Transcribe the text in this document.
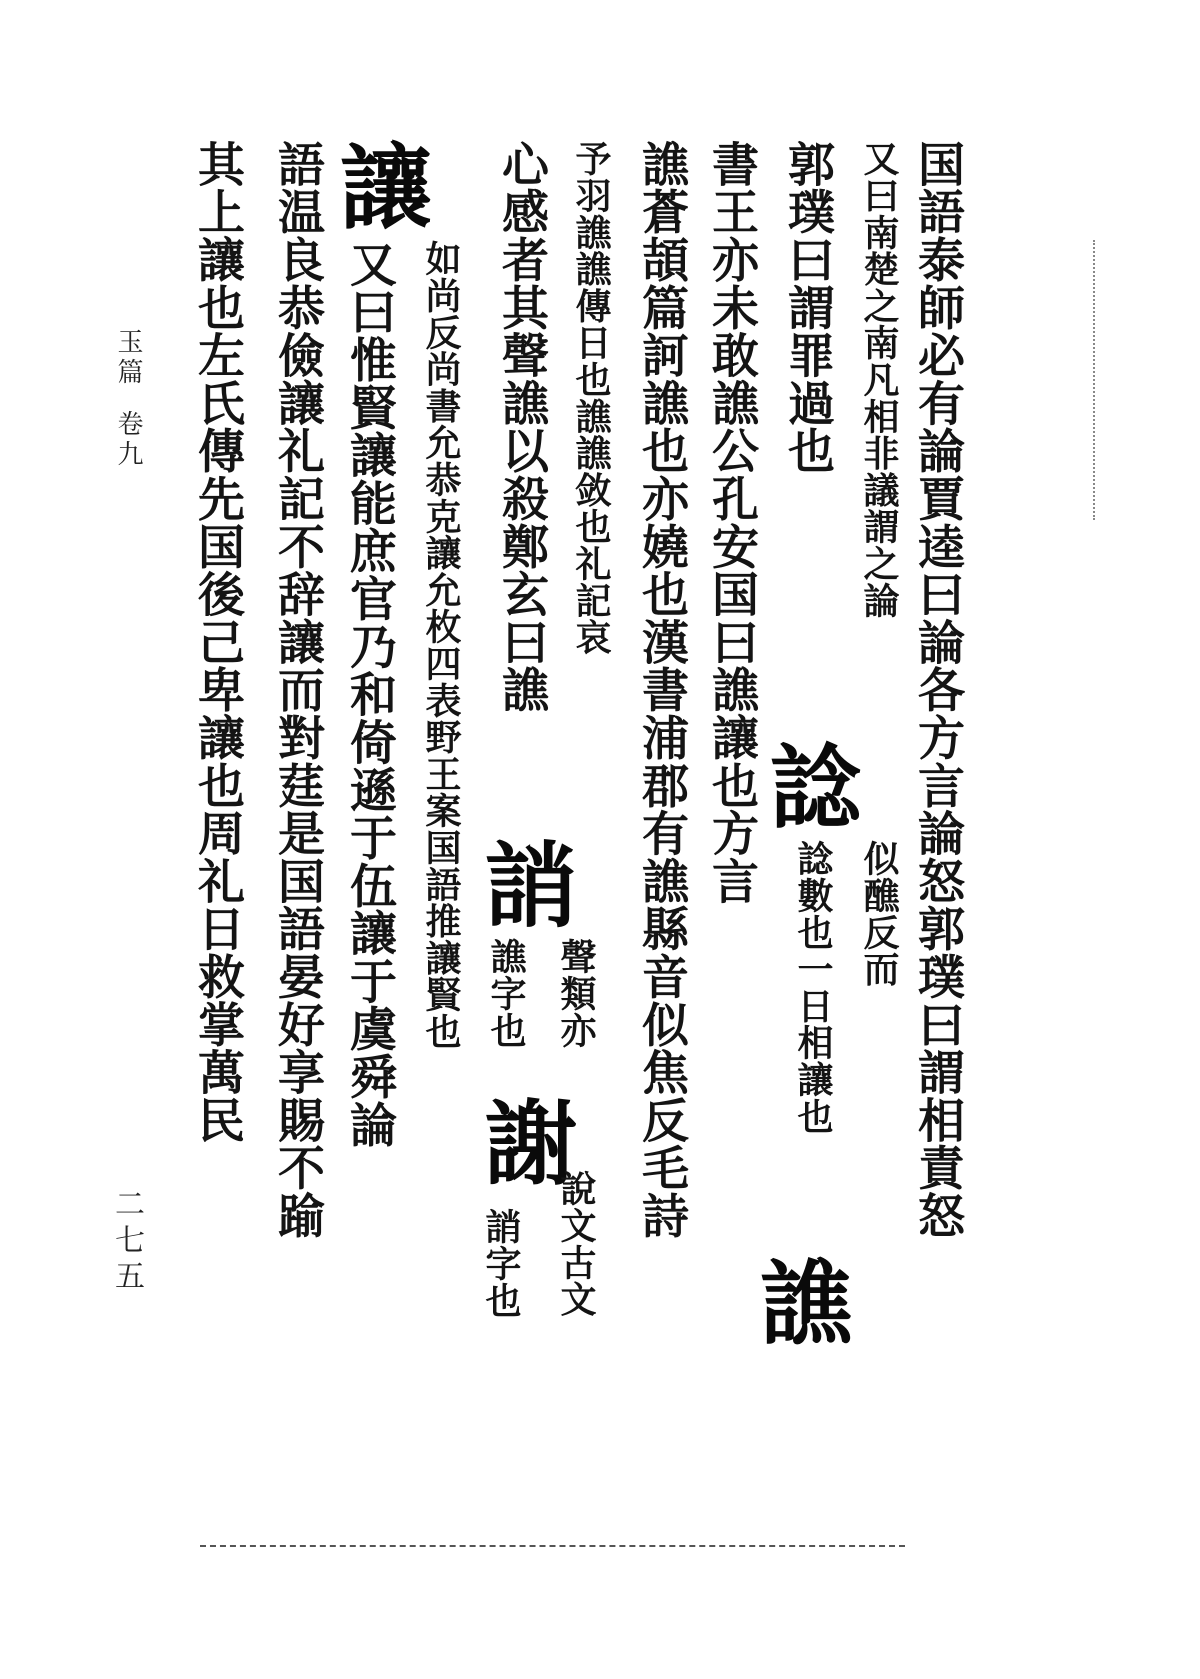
国語泰師必有論賈逵曰論各方言論怒郭璞曰謂相責怒
又曰南楚之南凡相非議謂之論
郭璞曰謂罪過也
諗
似醮反而
諗數也一日相讓也
書王亦未敢譙公孔安国曰譙讓也方言
譙
譙蒼頡篇訶譙也亦嬈也漢書浦郡有譙縣音似焦反毛詩
予羽譙譙傳日也譙譙敛也礼記哀
誚
聲類亦
謝
說文古文
心感者其聲譙以殺鄭玄曰譙
譙字也
誚字也
讓
如尚反尚書允恭克讓允枚四表野王案国語推讓賢也
又曰惟賢讓能庶官乃和倚遜于伍讓于虞舜論
語温良恭儉讓礼記不辞讓而對莛是国語晏好享賜不踰
其上讓也左氏傳先国後己卑讓也周礼日救掌萬民
玉篇卷九
二七五
